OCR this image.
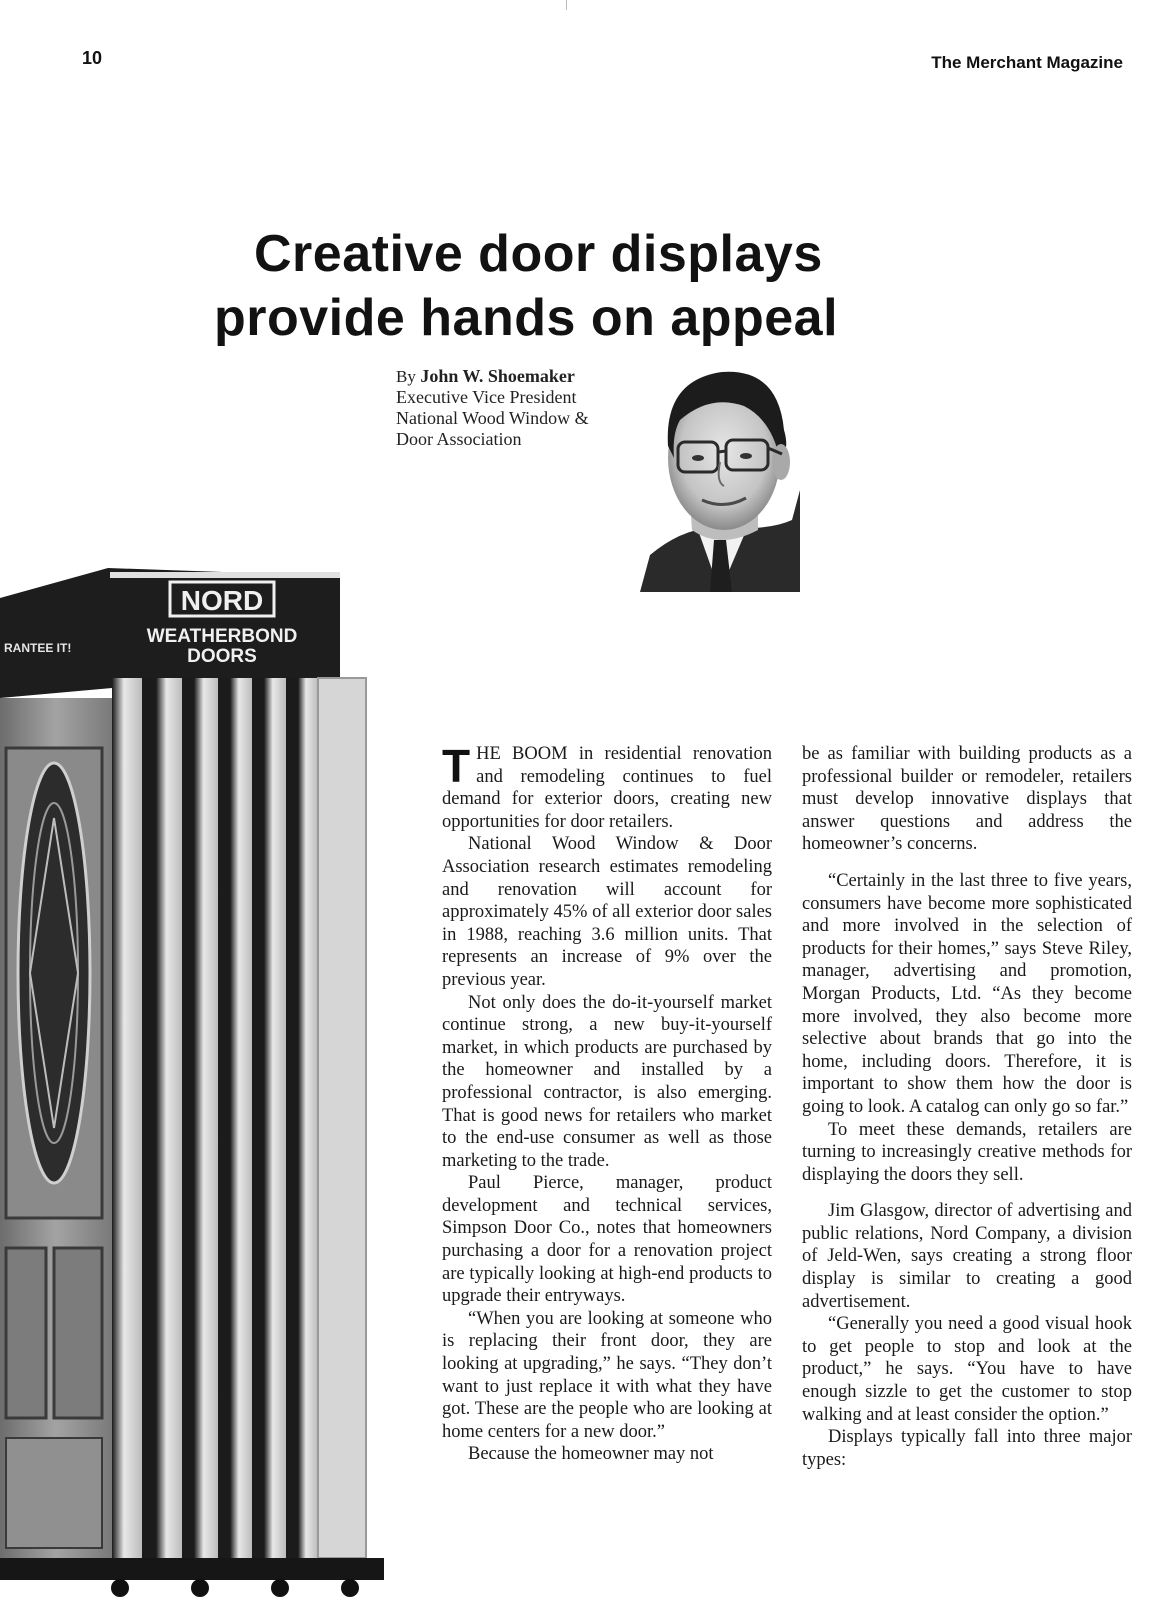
10	The Merchant Magazine
Creative door displays
provide hands on appeal
By John W. Shoemaker
Executive Vice President
National Wood Window &
Door Association
NORD
WEATHERBOND
DOORS
RANTEE IT!

THE BOOM in residential renovation and remodeling continues to fuel demand for exterior doors, creating new opportunities for door retailers.

National Wood Window & Door Association research estimates remodeling and renovation will account for approximately 45% of all exterior door sales in 1988, reaching 3.6 million units. That represents an increase of 9% over the previous year.

Not only does the do-it-yourself market continue strong, a new buy-it-yourself market, in which products are purchased by the homeowner and installed by a professional contractor, is also emerging. That is good news for retailers who market to the end-use consumer as well as those marketing to the trade.

Paul Pierce, manager, product development and technical services, Simpson Door Co., notes that homeowners purchasing a door for a renovation project are typically looking at high-end products to upgrade their entryways.

“When you are looking at someone who is replacing their front door, they are looking at upgrading,” he says. “They don’t want to just replace it with what they have got. These are the people who are looking at home centers for a new door.”

Because the homeowner may not

be as familiar with building products as a professional builder or remodeler, retailers must develop innovative displays that answer questions and address the homeowner’s concerns.

“Certainly in the last three to five years, consumers have become more sophisticated and more involved in the selection of products for their homes,” says Steve Riley, manager, advertising and promotion, Morgan Products, Ltd. “As they become more involved, they also become more selective about brands that go into the home, including doors. Therefore, it is important to show them how the door is going to look. A catalog can only go so far.”

To meet these demands, retailers are turning to increasingly creative methods for displaying the doors they sell.

Jim Glasgow, director of advertising and public relations, Nord Company, a division of Jeld-Wen, says creating a strong floor display is similar to creating a good advertisement.

“Generally you need a good visual hook to get people to stop and look at the product,” he says. “You have to have enough sizzle to get the customer to stop walking and at least consider the option.”

Displays typically fall into three major types:
